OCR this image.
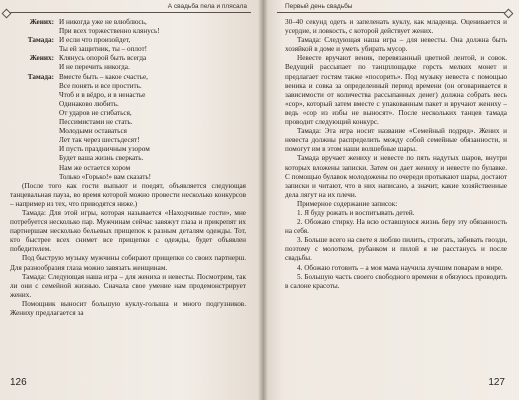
А свадьба пела и плясала
Жених: И никогда уже не влюблюсь,
При всех торжественно клянусь!
Тамада: И если что произойдет,
Ты ей защитник, ты – оплот!
Жених: Клянусь опорой быть всегда
И не перечить никогда.
Тамада: Вместе быть – какое счастье,
Все понять и все простить.
Чтоб и в вёдро, и в ненастье
Одинаково любить.
От ударов не сгибаться,
Пессимистами не стать.
Молодыми оставаться
Лет так через шестьдесят!
И пусть праздничным узором
Будет ваша жизнь сверкать.
Нам же остается хором
Только «Горько!» вам сказать!
(После того как гости выпьют и поедят, объявляется следующая танцевальная пауза, во время которой можно провести несколько конкурсов – например из тех, что приводятся ниже.)
Тамада: Для этой игры, которая называется «Находчивые гости», мне потребуется несколько пар. Мужчинам сейчас завяжут глаза и прикрепят их партнершам несколько бельевых прищепок к разным деталям одежды. Тот, кто быстрее всех снимет все прищепки с одежды, будет объявлен победителем.
Под быструю музыку мужчины собирают прищепки со своих партнерш. Для разнообразия глаза можно завязать женщинам.
Тамада: Следующая наша игра – для жениха и невесты. Посмотрим, так ли они с семейной жизнью. Сначала свое умение нам продемонстрирует жених.
Помощник выносит большую куклу-голыша и много подгузников. Жениху предлагается за
126
Первый день свадьбы
30–40 секунд одеть и запеленать куклу, как младенца. Оценивается и усердие, и ловкость, с которой действует жених.
Тамада: Следующая наша игра – для невесты. Она должна быть хозяйкой в доме и уметь убирать мусор.
Невесте вручают веник, перевязанный цветной лентой, и совок. Ведущий рассыпает по танцплощадке горсть мелких монет и предлагает гостям также «посорить». Под музыку невеста с помощью веника и совка за определенный период времени (он оговаривается в зависимости от количества рассыпанных денег) должна собрать весь «сор», который затем вместе с упакованным пакет и вручают жениху – ведь «сор из избы не выносят». После нескольких танцев тамада проводит следующий конкурс.
Тамада: Эта игра носит название «Семейный подряд». Жених и невеста должны распределить между собой семейные обязанности, и помогут им в этом наши волшебные шары.
Тамада вручает жениху и невесте по пять надутых шаров, внутри которых вложены записки. Затем он дает жениху и невесте по булавке. С помощью булавок молодожены по очереди протыкают шары, достают записки и читают, что в них написано, а значит, какие хозяйственные дела лягут на их плечи.
Примерное содержание записок:
1. Я буду рожать и воспитывать детей.
2. Обожаю стирку. На всю оставшуюся жизнь беру эту обязанность на себя.
3. Больше всего на свете я люблю пилить, строгать, забивать гвозди, поэтому с молотком, рубанком и пилой я не расстанусь и после свадьбы.
4. Обожаю готовить – а моя мама научила лучшим поварам в мире.
5. Большую часть своего свободного времени я обязуюсь проводить в салоне красоты.
127
